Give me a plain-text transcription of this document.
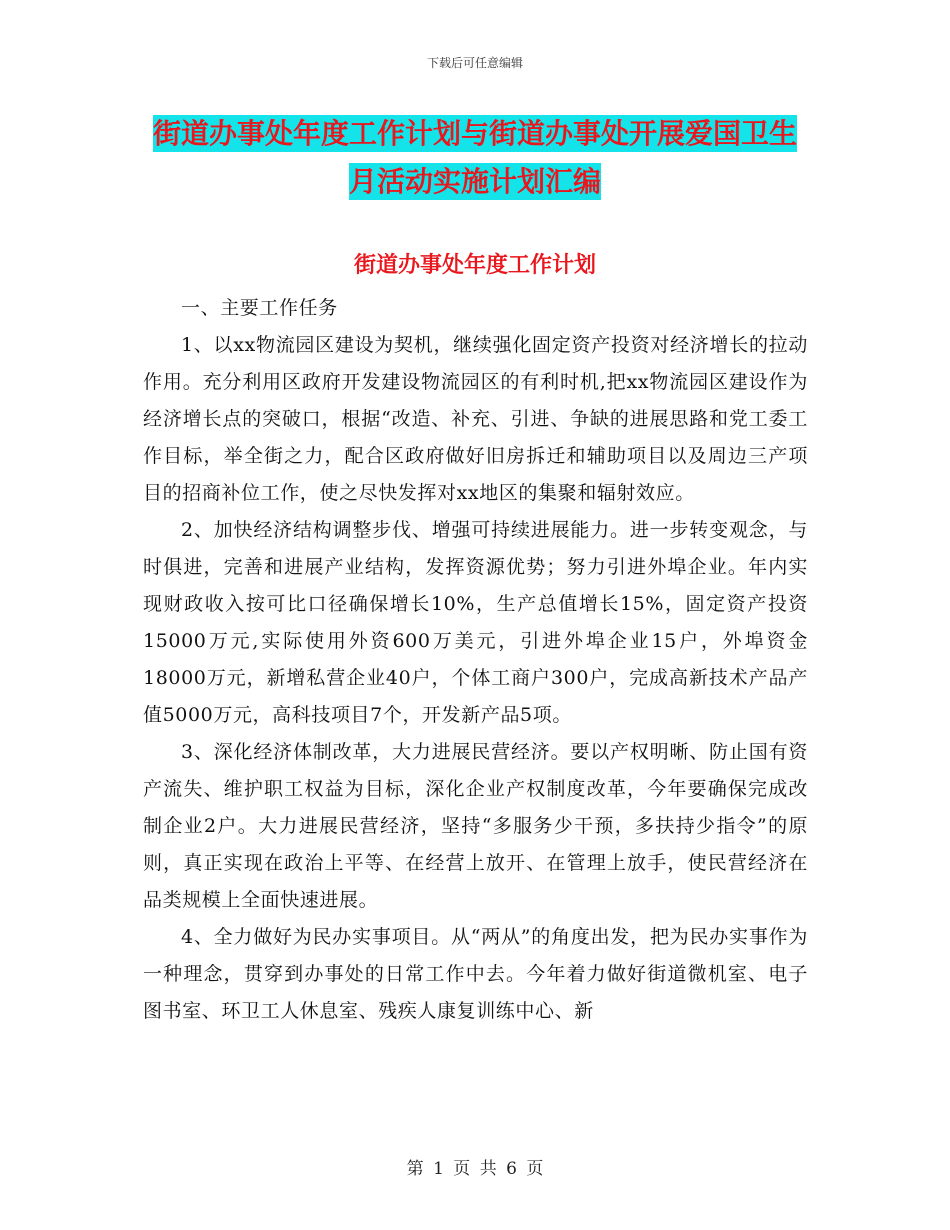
下载后可任意编辑
街道办事处年度工作计划与街道办事处开展爱国卫生
月活动实施计划汇编
街道办事处年度工作计划

一、主要工作任务

1、以xx物流园区建设为契机，继续强化固定资产投资对经济增长的拉动作用。充分利用区政府开发建设物流园区的有利时机,把xx物流园区建设作为经济增长点的突破口，根据“改造、补充、引进、争缺的进展思路和党工委工作目标，举全街之力，配合区政府做好旧房拆迁和辅助项目以及周边三产项目的招商补位工作，使之尽快发挥对xx地区的集聚和辐射效应。

2、加快经济结构调整步伐、增强可持续进展能力。进一步转变观念，与时俱进，完善和进展产业结构，发挥资源优势；努力引进外埠企业。年内实现财政收入按可比口径确保增长10%，生产总值增长15%，固定资产投资15000万元,实际使用外资600万美元，引进外埠企业15户，外埠资金18000万元，新增私营企业40户，个体工商户300户，完成高新技术产品产值5000万元，高科技项目7个，开发新产品5项。

3、深化经济体制改革，大力进展民营经济。要以产权明晰、防止国有资产流失、维护职工权益为目标，深化企业产权制度改革，今年要确保完成改制企业2户。大力进展民营经济，坚持“多服务少干预，多扶持少指令”的原则，真正实现在政治上平等、在经营上放开、在管理上放手，使民营经济在品类规模上全面快速进展。

4、全力做好为民办实事项目。从“两从”的角度出发，把为民办实事作为一种理念，贯穿到办事处的日常工作中去。今年着力做好街道微机室、电子图书室、环卫工人休息室、残疾人康复训练中心、新

第 1 页 共 6 页
